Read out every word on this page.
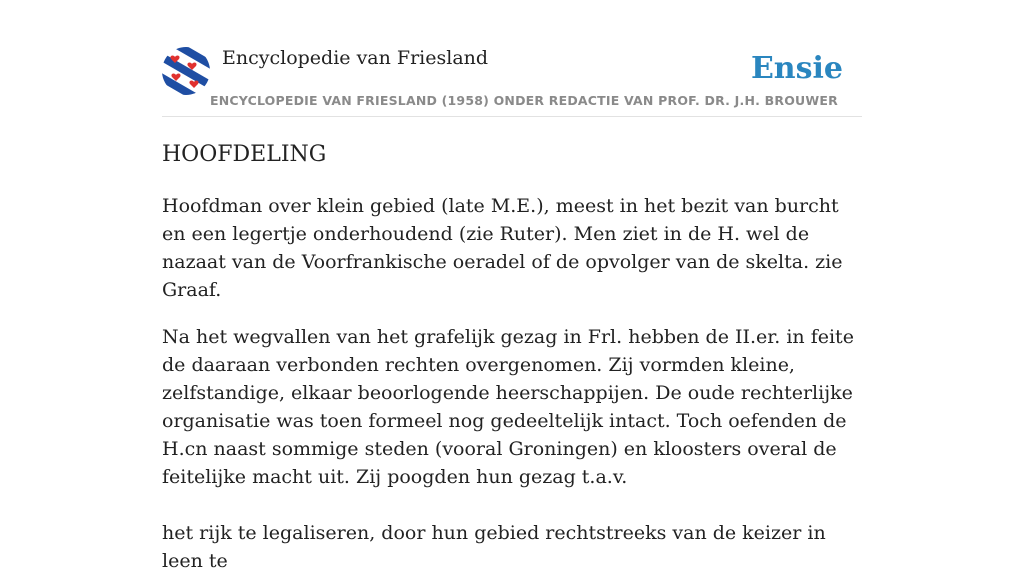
Encyclopedie van Friesland	Ensie
ENCYCLOPEDIE VAN FRIESLAND (1958) ONDER REDACTIE VAN PROF. DR. J.H. BROUWER
HOOFDELING

Hoofdman over klein gebied (late M.E.), meest in het bezit van burcht en een legertje onderhoudend (zie Ruter). Men ziet in de H. wel de nazaat van de Voorfrankische oeradel of de opvolger van de skelta. zie Graaf.

Na het wegvallen van het grafelijk gezag in Frl. hebben de II.er. in feite de daaraan verbonden rechten overgenomen. Zij vormden kleine, zelfstandige, elkaar beoorlogende heerschappijen. De oude rechterlijke organisatie was toen formeel nog gedeeltelijk intact. Toch oefenden de H.cn naast sommige steden (vooral Groningen) en kloosters overal de feitelijke macht uit. Zij poogden hun gezag t.a.v.

het rijk te legaliseren, door hun gebied rechtstreeks van de keizer in leen te
